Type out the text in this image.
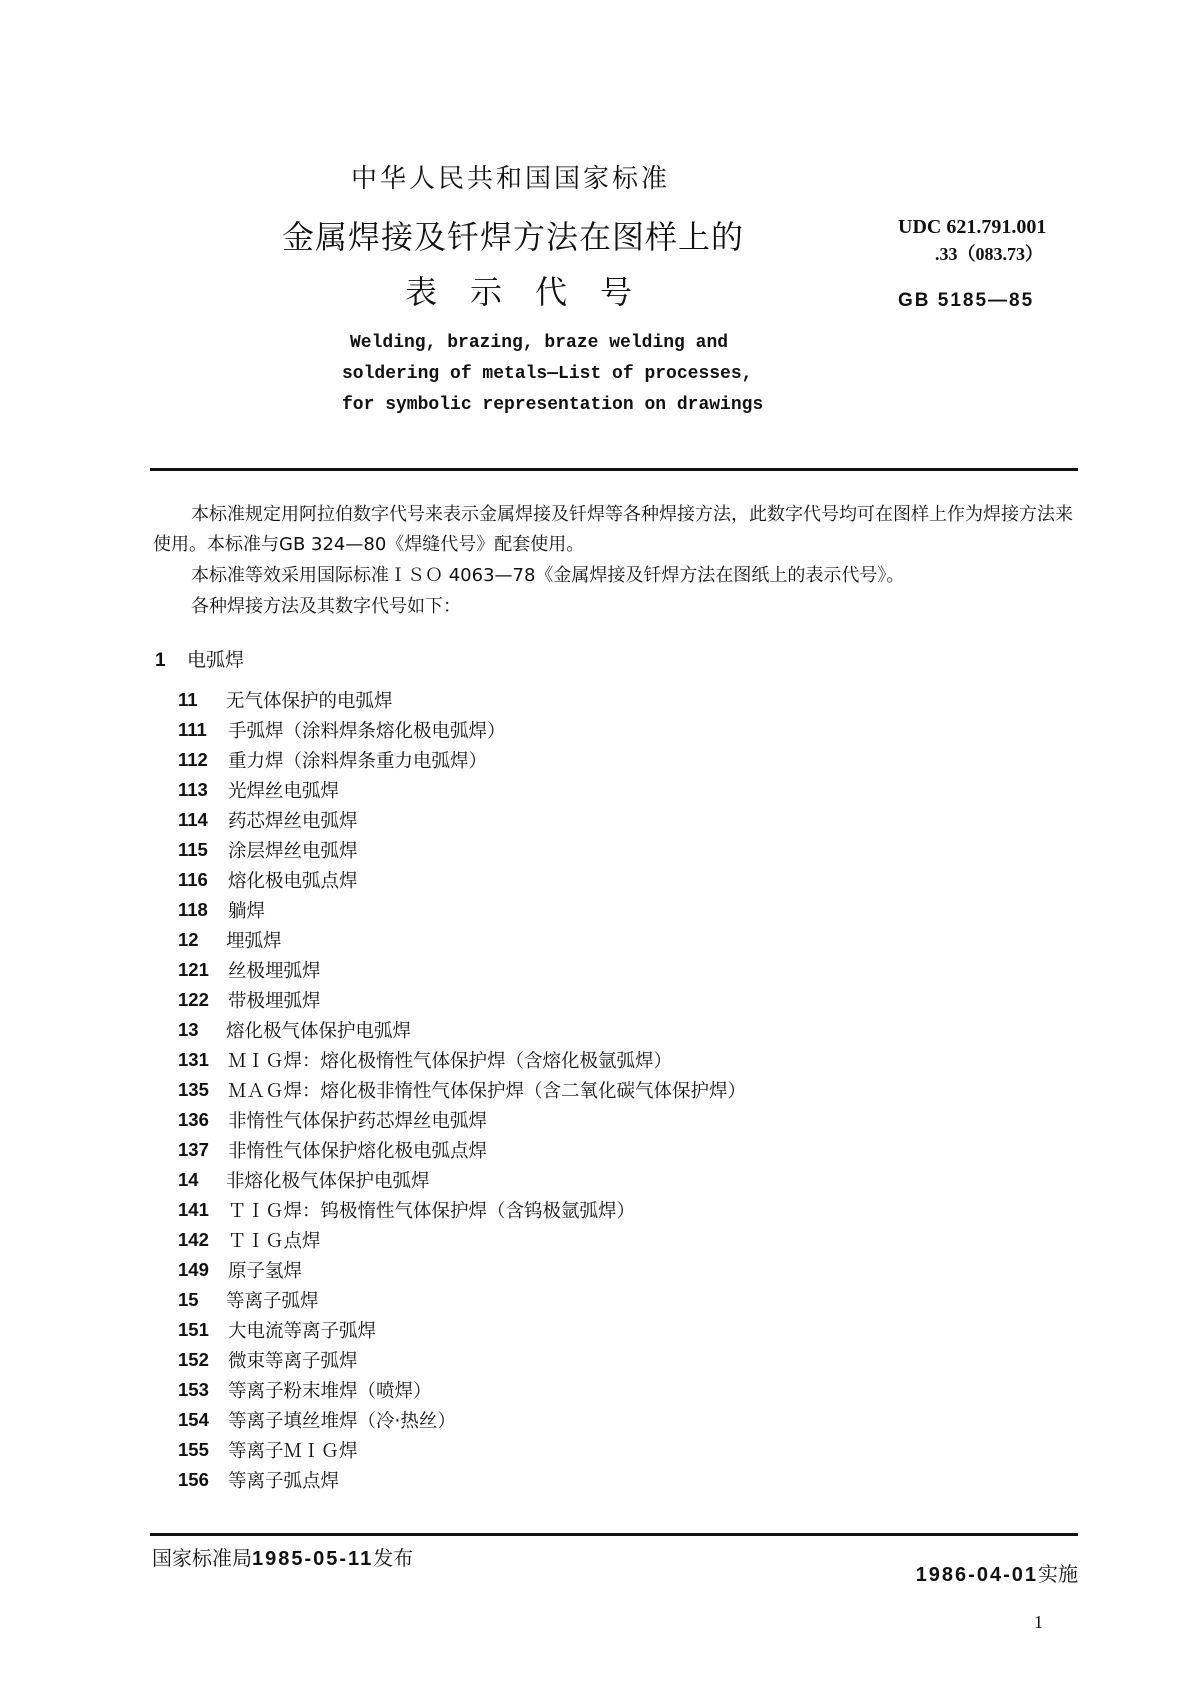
中华人民共和国国家标准
金属焊接及钎焊方法在图样上的
表示代号
UDC 621.791.001
.33（083.73）
GB 5185—85
Welding, brazing, braze welding and
soldering of metals—List of processes,
for symbolic representation on drawings
本标准规定用阿拉伯数字代号来表示金属焊接及钎焊等各种焊接方法，此数字代号均可在图样上作为焊接方法来使用。本标准与GB 324—80《焊缝代号》配套使用。
本标准等效采用国际标准ＩＳＯ 4063—78《金属焊接及钎焊方法在图纸上的表示代号》。
各种焊接方法及其数字代号如下：
1 电弧焊
11	无气体保护的电弧焊
111	手弧焊（涂料焊条熔化极电弧焊）
112	重力焊（涂料焊条重力电弧焊）
113	光焊丝电弧焊
114	药芯焊丝电弧焊
115	涂层焊丝电弧焊
116	熔化极电弧点焊
118	躺焊
12	埋弧焊
121	丝极埋弧焊
122	带极埋弧焊
13	熔化极气体保护电弧焊
131	ＭＩＧ焊：熔化极惰性气体保护焊（含熔化极氩弧焊）
135	ＭＡＧ焊：熔化极非惰性气体保护焊（含二氧化碳气体保护焊）
136	非惰性气体保护药芯焊丝电弧焊
137	非惰性气体保护熔化极电弧点焊
14	非熔化极气体保护电弧焊
141	ＴＩＧ焊：钨极惰性气体保护焊（含钨极氩弧焊）
142	ＴＩＧ点焊
149	原子氢焊
15	等离子弧焊
151	大电流等离子弧焊
152	微束等离子弧焊
153	等离子粉末堆焊（喷焊）
154	等离子填丝堆焊（冷·热丝）
155	等离子ＭＩＧ焊
156	等离子弧点焊
国家标准局1985-05-11发布
1986-04-01实施
1
